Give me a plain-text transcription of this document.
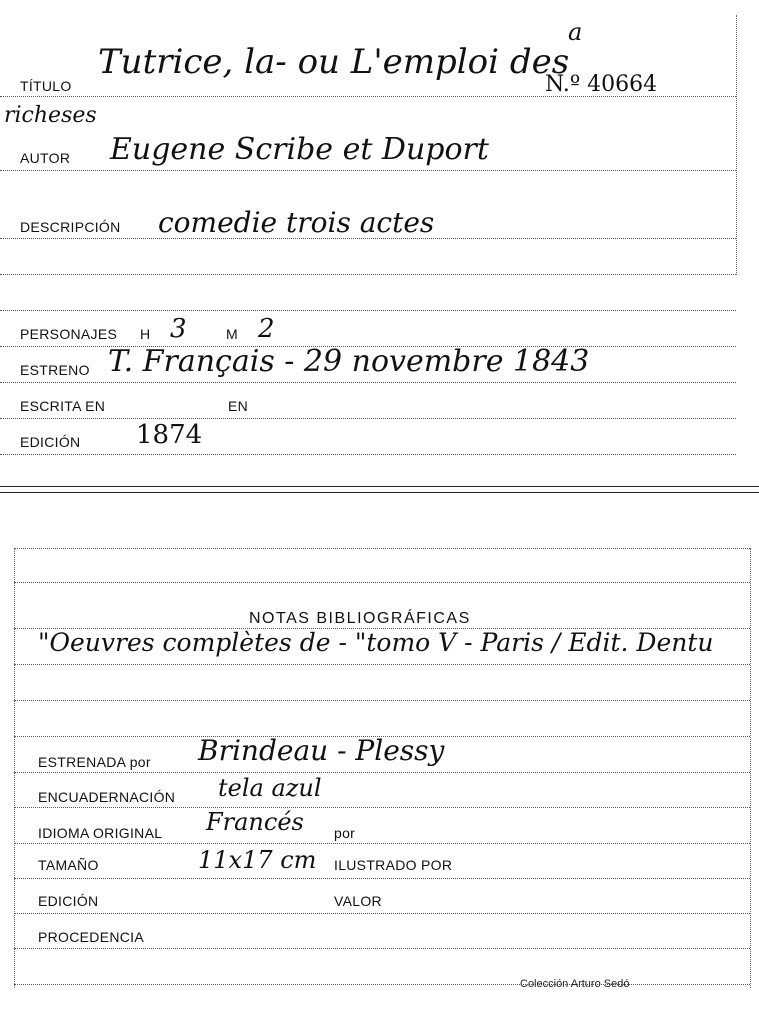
TÍTULO
Tutrice, la- ou L'emploi des
a
N.º 40664
richeses
AUTOR Eugene Scribe et Duport
DESCRIPCIÓN comedie trois actes
PERSONAJES H 3	M 2
ESTRENO T. Français - 29 novembre 1843
ESCRITA EN	EN
EDICIÓN 1874
NOTAS BIBLIOGRÁFICAS
"Oeuvres complètes de - "tomo V - Paris / Edit. Dentu
ESTRENADA por Brindeau - Plessy
ENCUADERNACIÓN tela azul
IDIOMA ORIGINAL Francés por
TAMAÑO	11x17 cm ILUSTRADO POR
EDICIÓN	VALOR
PROCEDENCIA
Colección Arturo Sedó
